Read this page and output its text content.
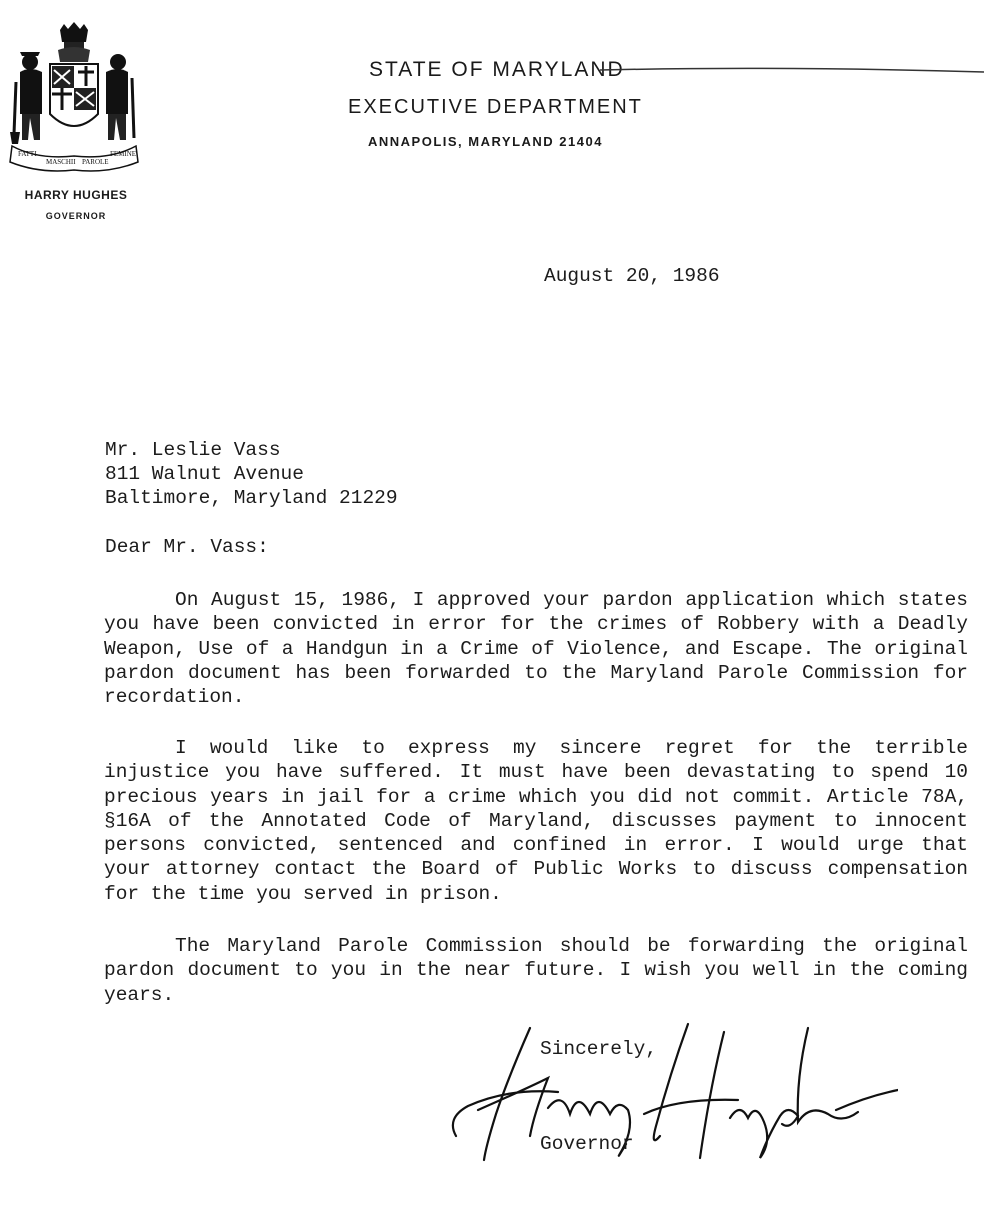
FATTI
MASCHII PAROLE
FEMINE
HARRY HUGHES
GOVERNOR
STATE OF MARYLAND
EXECUTIVE DEPARTMENT
ANNAPOLIS, MARYLAND 21404
August 20, 1986
Mr. Leslie Vass
811 Walnut Avenue
Baltimore, Maryland 21229
Dear Mr. Vass:

On August 15, 1986, I approved your pardon application which states you have been convicted in error for the crimes of Robbery with a Deadly Weapon, Use of a Handgun in a Crime of Violence, and Escape. The original pardon document has been forwarded to the Maryland Parole Commission for recordation.

I would like to express my sincere regret for the terrible injustice you have suffered. It must have been devastating to spend 10 precious years in jail for a crime which you did not commit. Article 78A, §16A of the Annotated Code of Maryland, discusses payment to innocent persons convicted, sentenced and confined in error. I would urge that your attorney contact the Board of Public Works to discuss compensation for the time you served in prison.

The Maryland Parole Commission should be forwarding the original pardon document to you in the near future. I wish you well in the coming years.

Sincerely,
Governor
